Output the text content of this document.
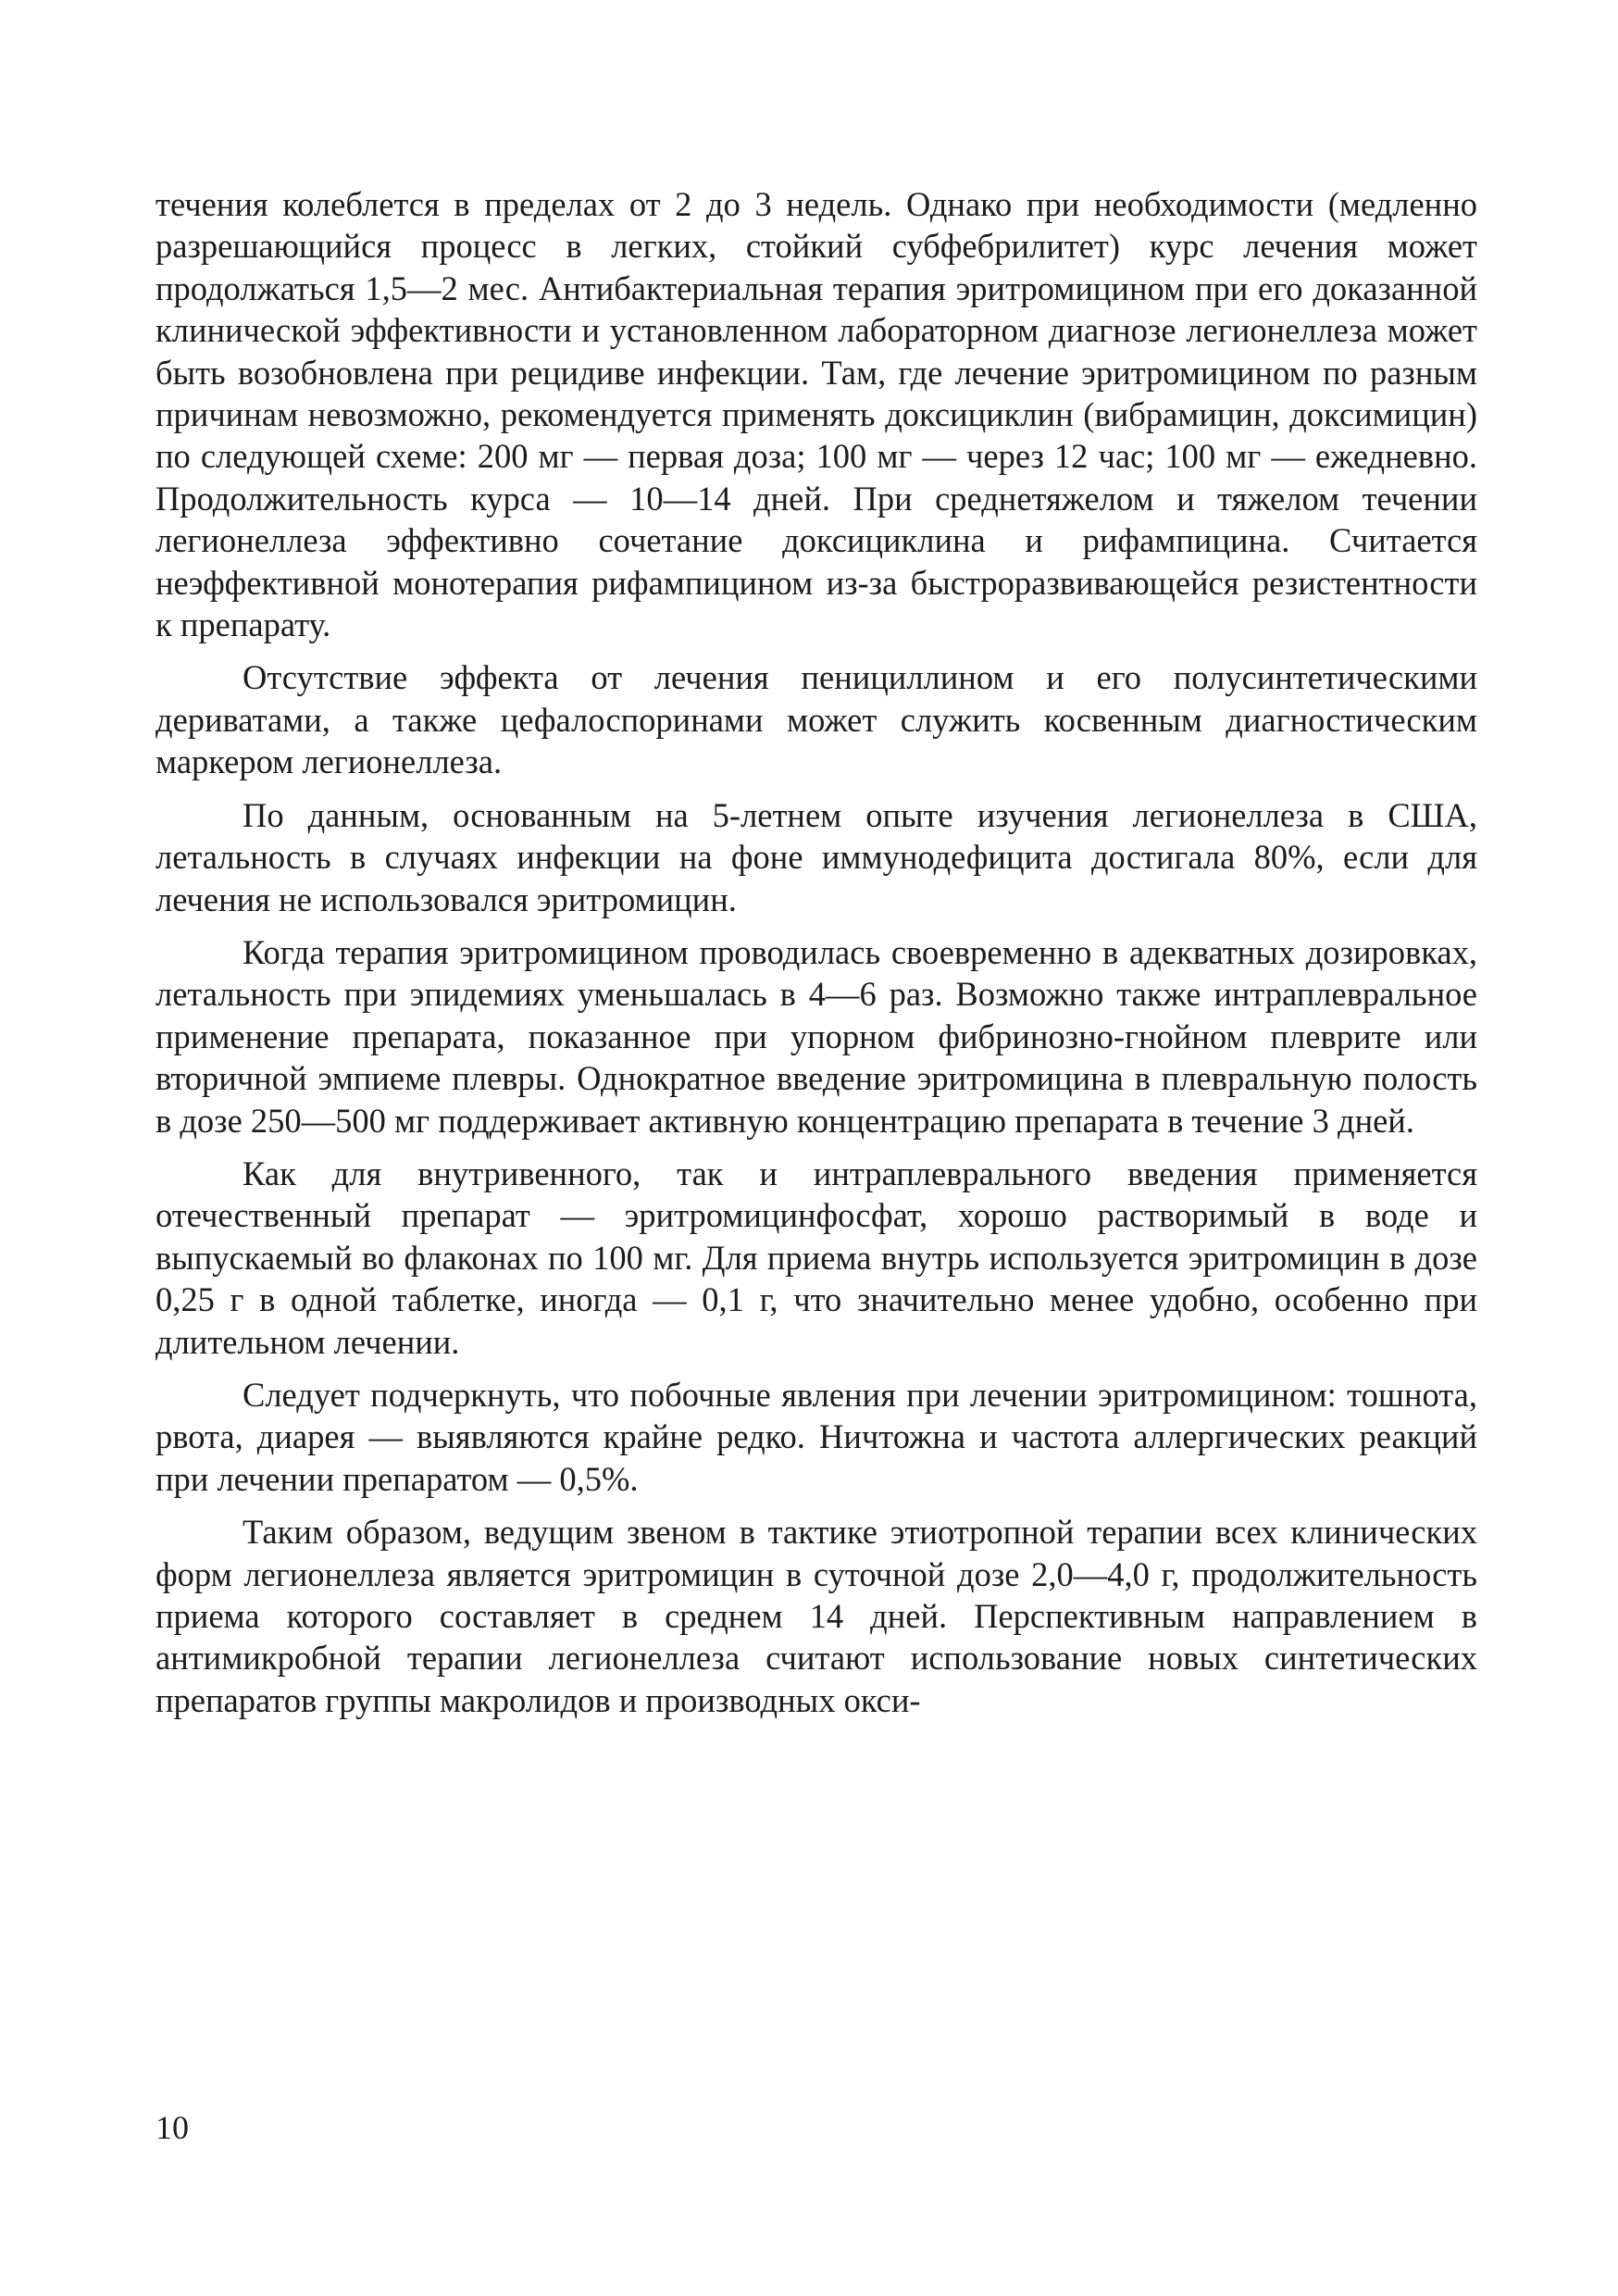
течения колеблется в пределах от 2 до 3 недель. Однако при необходимости (медленно разрешающийся процесс в легких, стойкий субфебрилитет) курс лечения может продолжаться 1,5—2 мес. Антибактериальная терапия эритромицином при его доказанной клинической эффективности и установленном лабораторном диагнозе легионеллеза может быть возобновлена при рецидиве инфекции. Там, где лечение эритромицином по разным причинам невозможно, рекомендуется применять доксициклин (вибрамицин, доксимицин) по следующей схеме: 200 мг — первая доза; 100 мг — через 12 час; 100 мг — ежедневно. Продолжительность курса — 10—14 дней. При среднетяжелом и тяжелом течении легионеллеза эффективно сочетание доксициклина и рифампицина. Считается неэффективной монотерапия рифампицином из-за быстроразвивающейся резистентности к препарату.

Отсутствие эффекта от лечения пенициллином и его полусинтетическими дериватами, а также цефалоспоринами может служить косвенным диагностическим маркером легионеллеза.

По данным, основанным на 5-летнем опыте изучения легионеллеза в США, летальность в случаях инфекции на фоне иммунодефицита достигала 80%, если для лечения не использовался эритромицин.

Когда терапия эритромицином проводилась своевременно в адекватных дозировках, летальность при эпидемиях уменьшалась в 4—6 раз. Возможно также интраплевральное применение препарата, показанное при упорном фибринозно-гнойном плеврите или вторичной эмпиеме плевры. Однократное введение эритромицина в плевральную полость в дозе 250—500 мг поддерживает активную концентрацию препарата в течение 3 дней.

Как для внутривенного, так и интраплеврального введения применяется отечественный препарат — эритромицинфосфат, хорошо растворимый в воде и выпускаемый во флаконах по 100 мг. Для приема внутрь используется эритромицин в дозе 0,25 г в одной таблетке, иногда — 0,1 г, что значительно менее удобно, особенно при длительном лечении.

Следует подчеркнуть, что побочные явления при лечении эритромицином: тошнота, рвота, диарея — выявляются крайне редко. Ничтожна и частота аллергических реакций при лечении препаратом — 0,5%.

Таким образом, ведущим звеном в тактике этиотропной терапии всех клинических форм легионеллеза является эритромицин в суточной дозе 2,0—4,0 г, продолжительность приема которого составляет в среднем 14 дней. Перспективным направлением в антимикробной терапии легионеллеза считают использование новых синтетических препаратов группы макролидов и производных окси-

10
